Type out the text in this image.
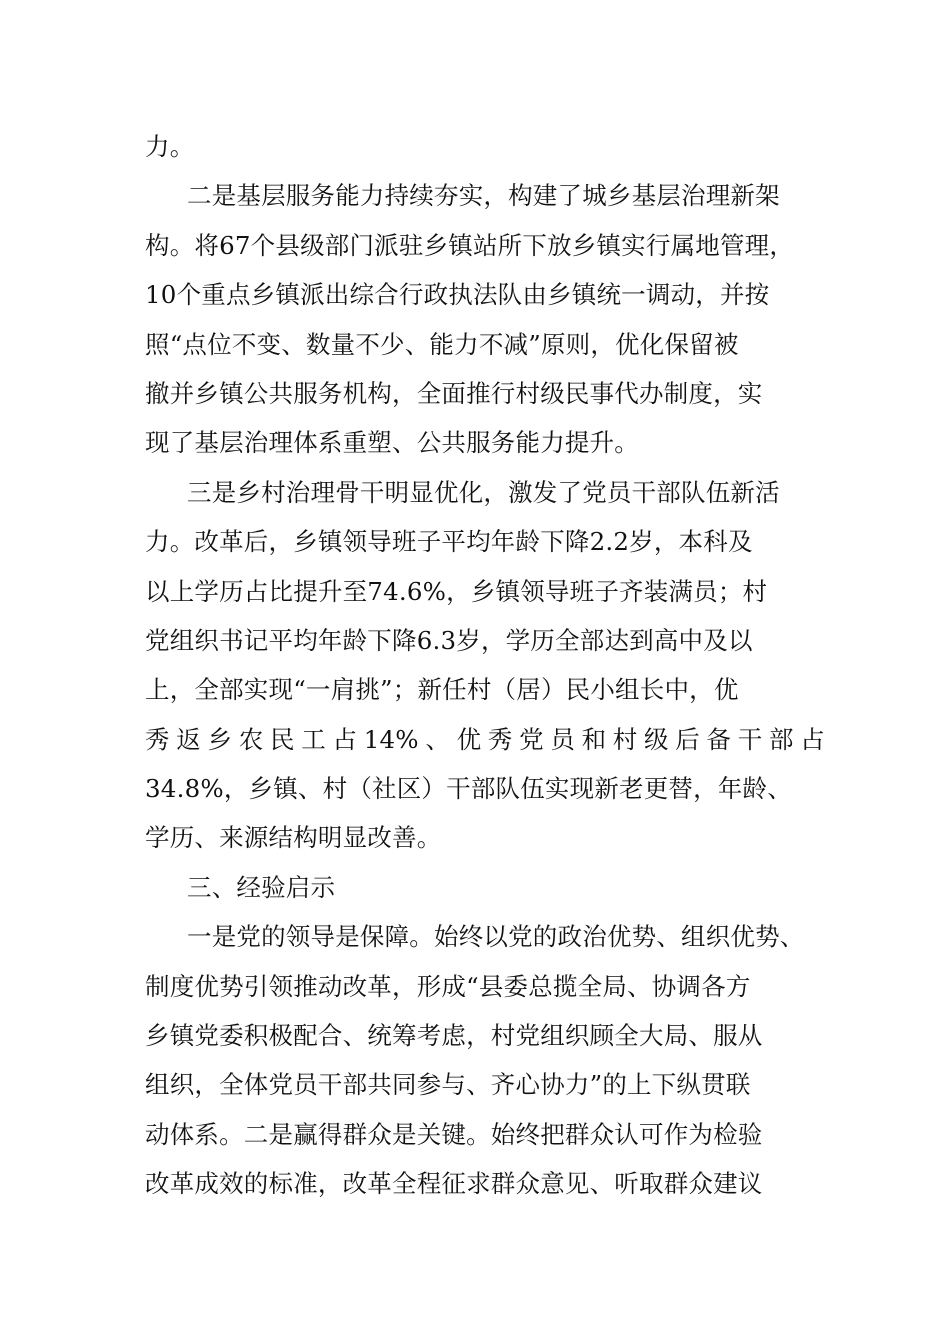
力。
二是基层服务能力持续夯实，构建了城乡基层治理新架
构。将67个县级部门派驻乡镇站所下放乡镇实行属地管理，
10个重点乡镇派出综合行政执法队由乡镇统一调动，并按
照“点位不变、数量不少、能力不减”原则，优化保留被
撤并乡镇公共服务机构，全面推行村级民事代办制度，实
现了基层治理体系重塑、公共服务能力提升。
三是乡村治理骨干明显优化，激发了党员干部队伍新活
力。改革后，乡镇领导班子平均年龄下降2.2岁，本科及
以上学历占比提升至74.6%，乡镇领导班子齐装满员；村
党组织书记平均年龄下降6.3岁，学历全部达到高中及以
上，全部实现“一肩挑”；新任村（居）民小组长中，优
秀返乡农民工占14%、优秀党员和村级后备干部占
34.8%，乡镇、村（社区）干部队伍实现新老更替，年龄、
学历、来源结构明显改善。
三、经验启示
一是党的领导是保障。始终以党的政治优势、组织优势、
制度优势引领推动改革，形成“县委总揽全局、协调各方
乡镇党委积极配合、统筹考虑，村党组织顾全大局、服从
组织，全体党员干部共同参与、齐心协力”的上下纵贯联
动体系。二是赢得群众是关键。始终把群众认可作为检验
改革成效的标准，改革全程征求群众意见、听取群众建议
